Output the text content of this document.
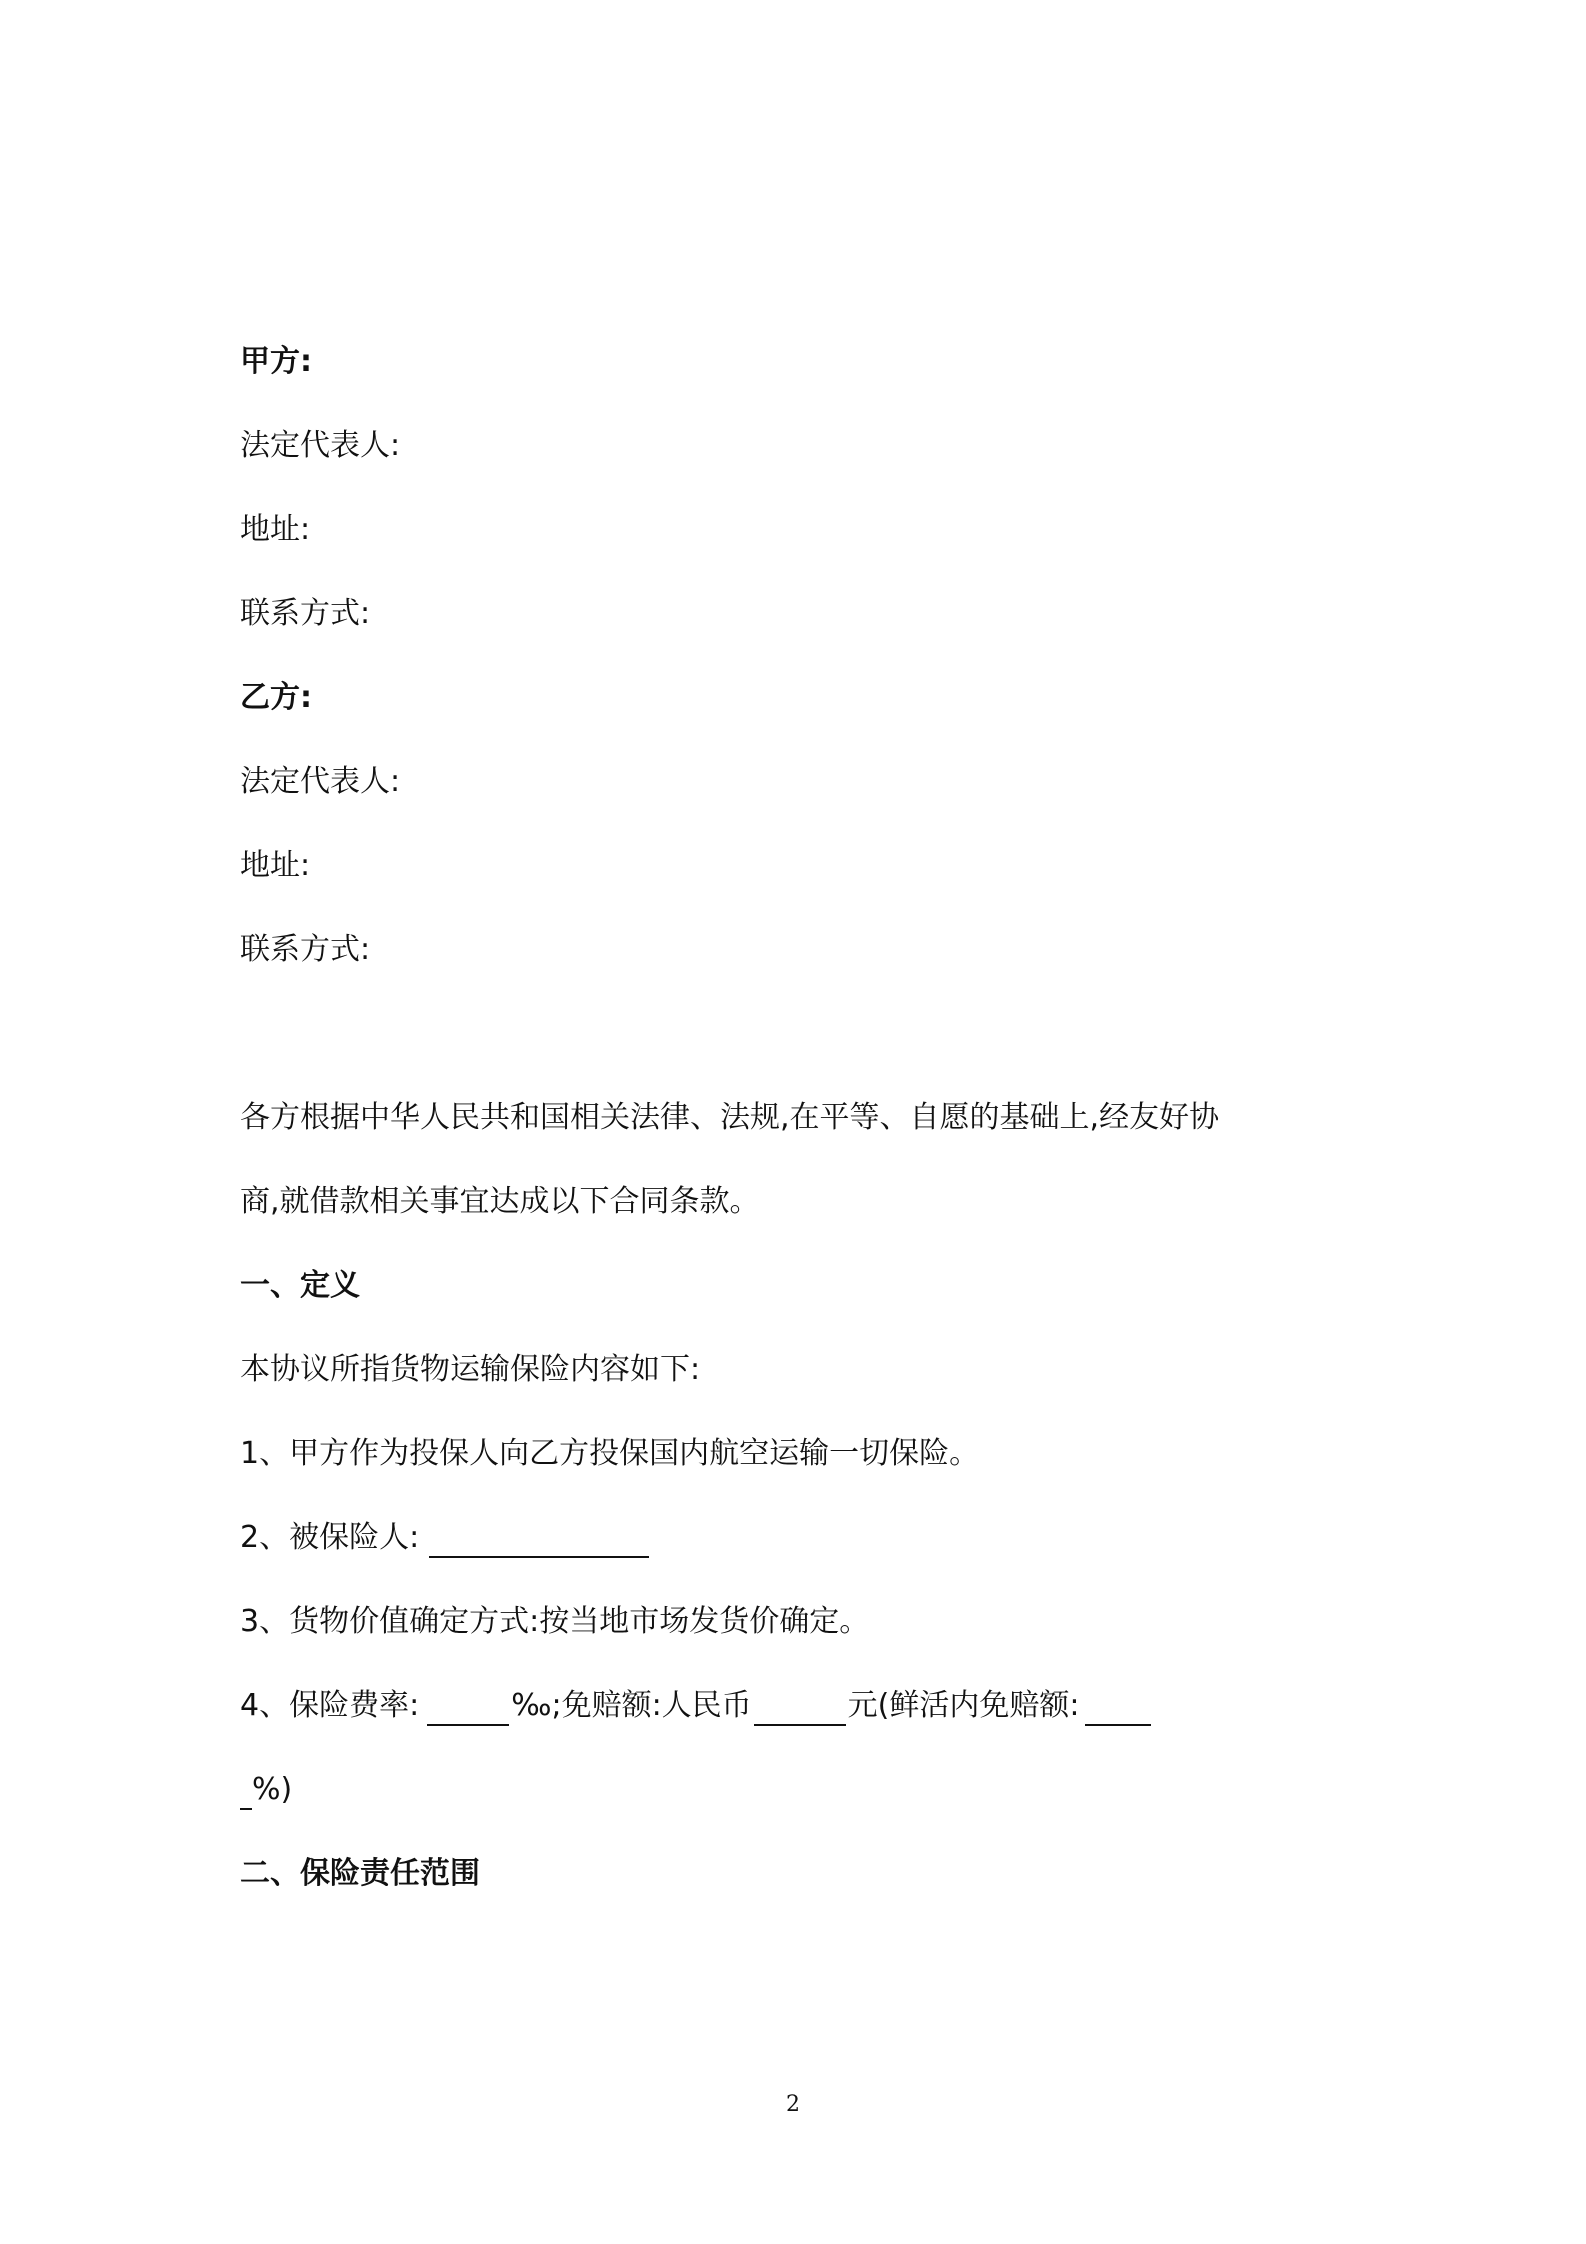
甲方:
法定代表人:
地址:
联系方式:
乙方:
法定代表人:
地址:
联系方式:
各方根据中华人民共和国相关法律、法规,在平等、自愿的基础上,经友好协
商,就借款相关事宜达成以下合同条款。
一、定义
本协议所指货物运输保险内容如下:
1、甲方作为投保人向乙方投保国内航空运输一切保险。
2、被保险人:
3、货物价值确定方式:按当地市场发货价确定。
4、保险费率:	‰;免赔额:人民币	元(鲜活内免赔额:
%)
二、保险责任范围
2
